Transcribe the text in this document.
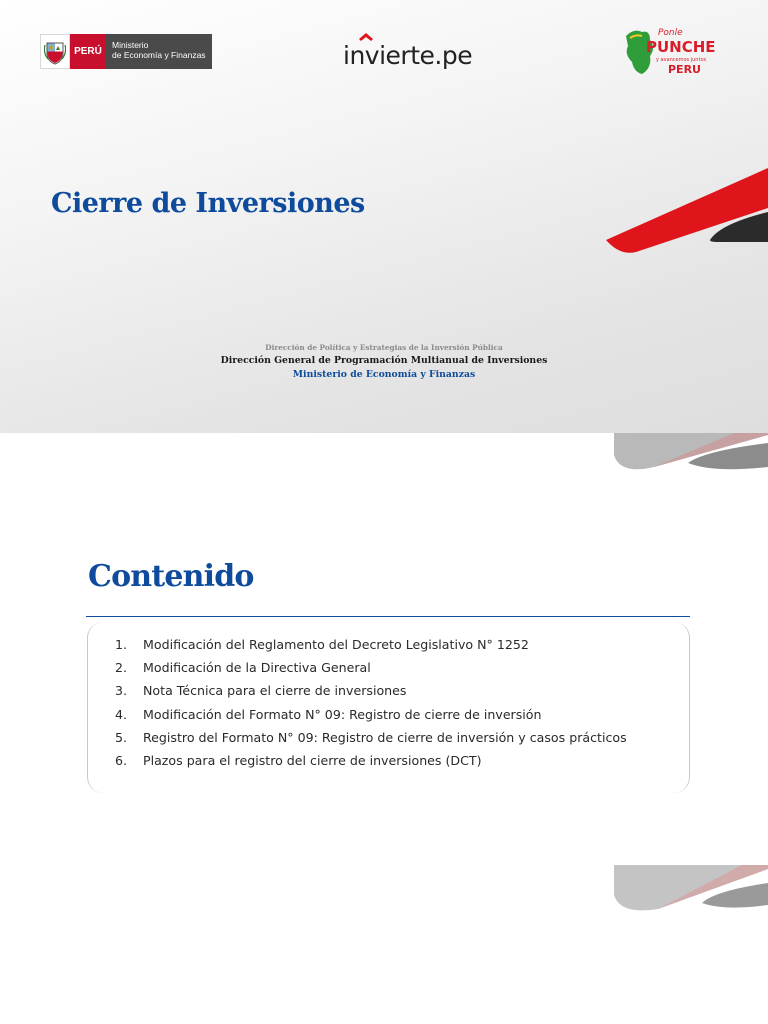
PERÚ
Ministerio
de Economía y Finanzas	invierte.pe
Ponle
PUNCHE
y avancemos juntos
PERU
Cierre de Inversiones
Dirección de Política y Estrategias de la Inversión Pública
Dirección General de Programación Multianual de Inversiones
Ministerio de Economía y Finanzas
Contenido
1.	Modificación del Reglamento del Decreto Legislativo N° 1252
2.	Modificación de la Directiva General
3.	Nota Técnica para el cierre de inversiones
4.	Modificación del Formato N° 09: Registro de cierre de inversión
5.	Registro del Formato N° 09: Registro de cierre de inversión y casos prácticos
6.	Plazos para el registro del cierre de inversiones (DCT)
